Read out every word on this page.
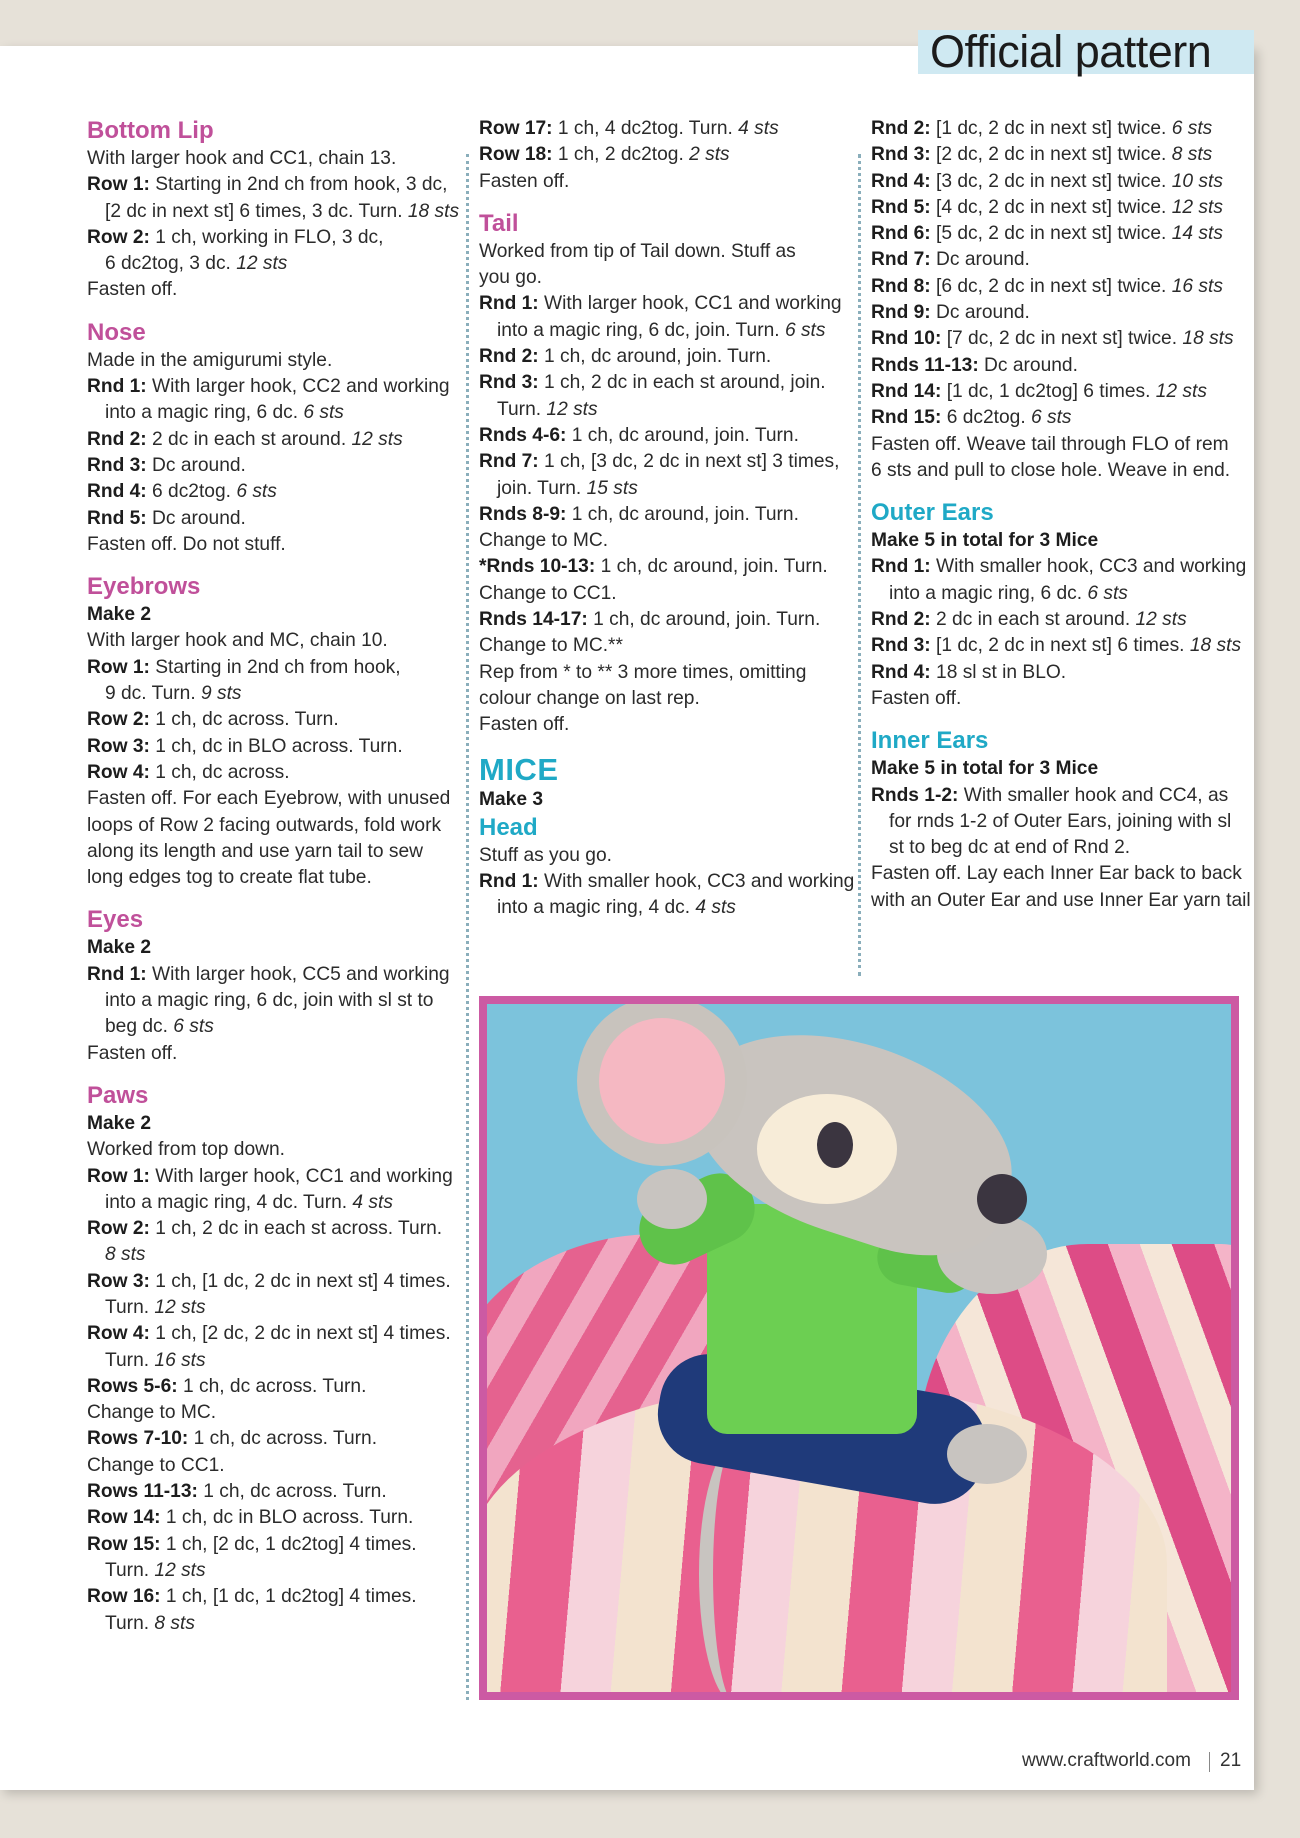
Official pattern
Bottom Lip
With larger hook and CC1, chain 13.
Row 1: Starting in 2nd ch from hook, 3 dc,
[2 dc in next st] 6 times, 3 dc. Turn. 18 sts
Row 2: 1 ch, working in FLO, 3 dc,
6 dc2tog, 3 dc. 12 sts
Fasten off.
Nose
Made in the amigurumi style.
Rnd 1: With larger hook, CC2 and working
into a magic ring, 6 dc. 6 sts
Rnd 2: 2 dc in each st around. 12 sts
Rnd 3: Dc around.
Rnd 4: 6 dc2tog. 6 sts
Rnd 5: Dc around.
Fasten off. Do not stuff.
Eyebrows
Make 2
With larger hook and MC, chain 10.
Row 1: Starting in 2nd ch from hook,
9 dc. Turn. 9 sts
Row 2: 1 ch, dc across. Turn.
Row 3: 1 ch, dc in BLO across. Turn.
Row 4: 1 ch, dc across.
Fasten off. For each Eyebrow, with unused
loops of Row 2 facing outwards, fold work
along its length and use yarn tail to sew
long edges tog to create flat tube.
Eyes
Make 2
Rnd 1: With larger hook, CC5 and working
into a magic ring, 6 dc, join with sl st to
beg dc. 6 sts
Fasten off.
Paws
Make 2
Worked from top down.
Row 1: With larger hook, CC1 and working
into a magic ring, 4 dc. Turn. 4 sts
Row 2: 1 ch, 2 dc in each st across. Turn.
8 sts
Row 3: 1 ch, [1 dc, 2 dc in next st] 4 times.
Turn. 12 sts
Row 4: 1 ch, [2 dc, 2 dc in next st] 4 times.
Turn. 16 sts
Rows 5-6: 1 ch, dc across. Turn.
Change to MC.
Rows 7-10: 1 ch, dc across. Turn.
Change to CC1.
Rows 11-13: 1 ch, dc across. Turn.
Row 14: 1 ch, dc in BLO across. Turn.
Row 15: 1 ch, [2 dc, 1 dc2tog] 4 times.
Turn. 12 sts
Row 16: 1 ch, [1 dc, 1 dc2tog] 4 times.
Turn. 8 sts
Row 17: 1 ch, 4 dc2tog. Turn. 4 sts
Row 18: 1 ch, 2 dc2tog. 2 sts
Fasten off.
Tail
Worked from tip of Tail down. Stuff as
you go.
Rnd 1: With larger hook, CC1 and working
into a magic ring, 6 dc, join. Turn. 6 sts
Rnd 2: 1 ch, dc around, join. Turn.
Rnd 3: 1 ch, 2 dc in each st around, join.
Turn. 12 sts
Rnds 4-6: 1 ch, dc around, join. Turn.
Rnd 7: 1 ch, [3 dc, 2 dc in next st] 3 times,
join. Turn. 15 sts
Rnds 8-9: 1 ch, dc around, join. Turn.
Change to MC.
*Rnds 10-13: 1 ch, dc around, join. Turn.
Change to CC1.
Rnds 14-17: 1 ch, dc around, join. Turn.
Change to MC.**
Rep from * to ** 3 more times, omitting
colour change on last rep.
Fasten off.
MICE
Make 3
Head
Stuff as you go.
Rnd 1: With smaller hook, CC3 and working
into a magic ring, 4 dc. 4 sts
Rnd 2: [1 dc, 2 dc in next st] twice. 6 sts
Rnd 3: [2 dc, 2 dc in next st] twice. 8 sts
Rnd 4: [3 dc, 2 dc in next st] twice. 10 sts
Rnd 5: [4 dc, 2 dc in next st] twice. 12 sts
Rnd 6: [5 dc, 2 dc in next st] twice. 14 sts
Rnd 7: Dc around.
Rnd 8: [6 dc, 2 dc in next st] twice. 16 sts
Rnd 9: Dc around.
Rnd 10: [7 dc, 2 dc in next st] twice. 18 sts
Rnds 11-13: Dc around.
Rnd 14: [1 dc, 1 dc2tog] 6 times. 12 sts
Rnd 15: 6 dc2tog. 6 sts
Fasten off. Weave tail through FLO of rem
6 sts and pull to close hole. Weave in end.
Outer Ears
Make 5 in total for 3 Mice
Rnd 1: With smaller hook, CC3 and working
into a magic ring, 6 dc. 6 sts
Rnd 2: 2 dc in each st around. 12 sts
Rnd 3: [1 dc, 2 dc in next st] 6 times. 18 sts
Rnd 4: 18 sl st in BLO.
Fasten off.
Inner Ears
Make 5 in total for 3 Mice
Rnds 1-2: With smaller hook and CC4, as
for rnds 1-2 of Outer Ears, joining with sl
st to beg dc at end of Rnd 2.
Fasten off. Lay each Inner Ear back to back
with an Outer Ear and use Inner Ear yarn tail
www.craftworld.com 21
